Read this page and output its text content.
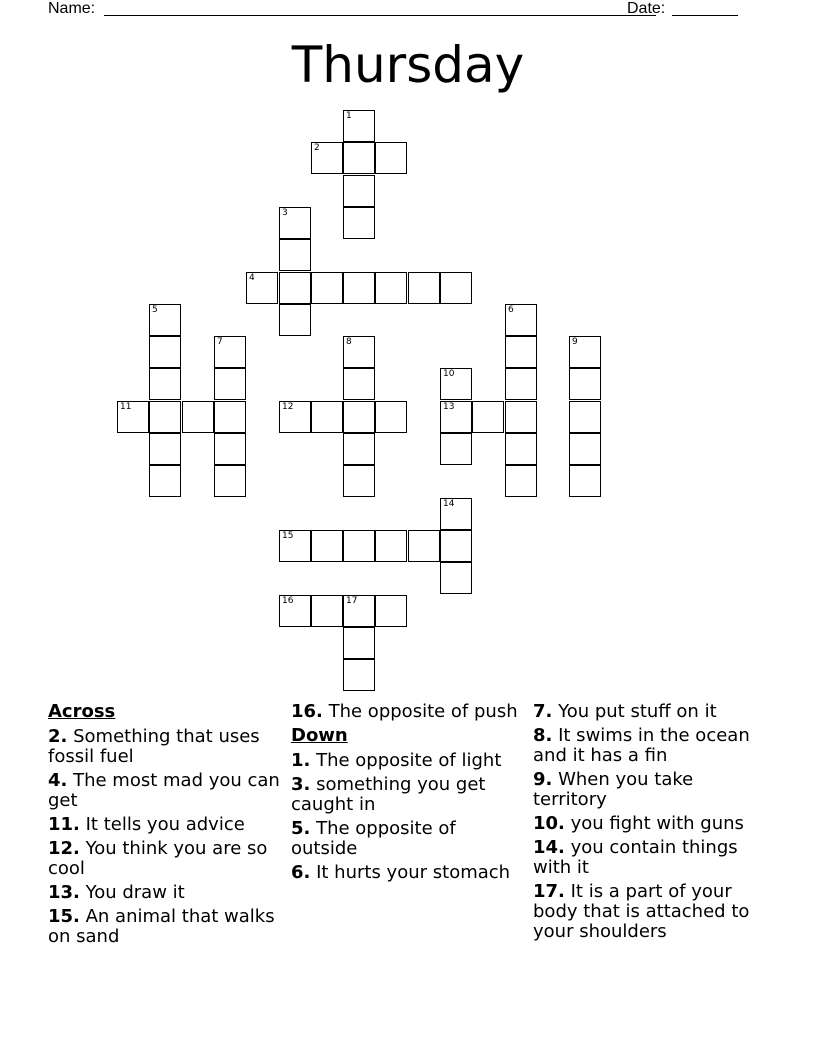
Name:	Date:
Thursday
1
2
3
4
5	6
7	8	9
10
11	12	13
14
15
16	17
Across
2. Something that uses fossil fuel
4. The most mad you can get
11. It tells you advice
12. You think you are so cool
13. You draw it
15. An animal that walks on sand
16. The opposite of push
Down
1. The opposite of light
3. something you get caught in
5. The opposite of outside
6. It hurts your stomach
7. You put stuff on it
8. It swims in the ocean and it has a fin
9. When you take territory
10. you fight with guns
14. you contain things with it
17. It is a part of your body that is attached to your shoulders
